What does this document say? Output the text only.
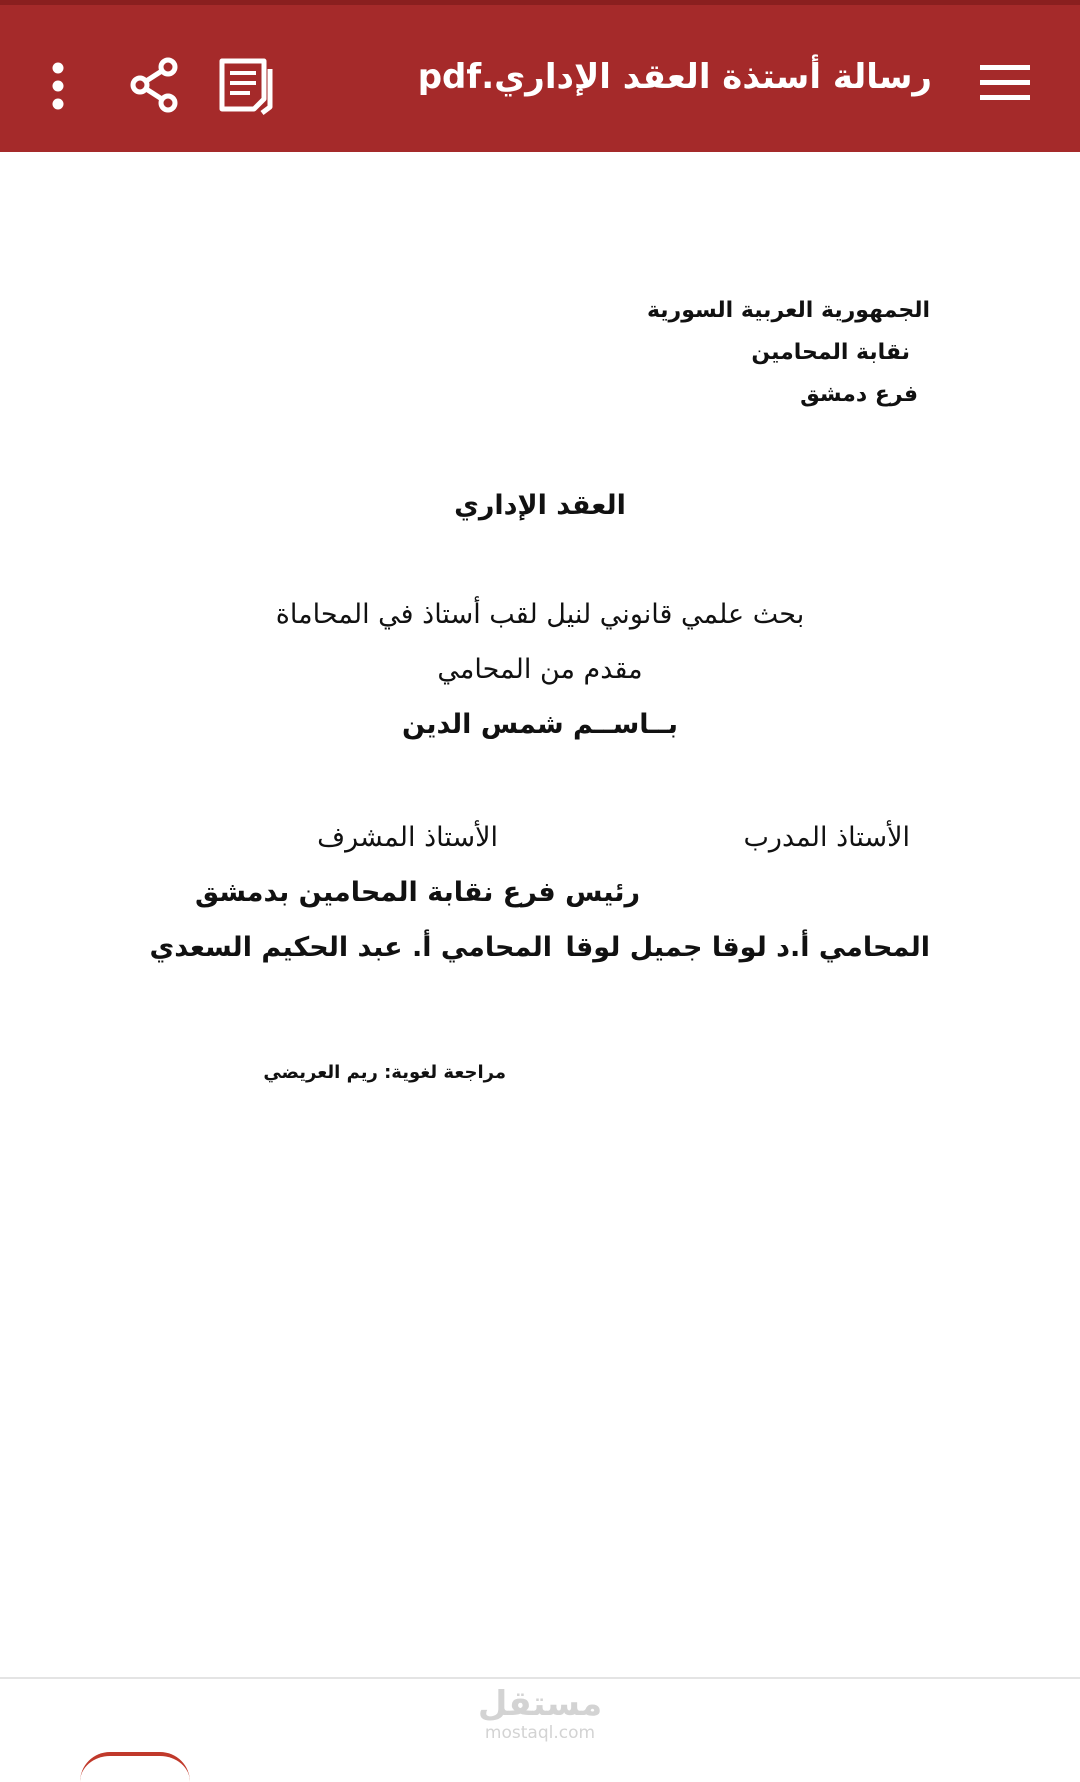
رسالة أستذة العقد الإداري.pdf
الجمهورية العربية السورية
نقابة المحامين
فرع دمشق
العقد الإداري
بحث علمي قانوني لنيل لقب أستاذ في المحاماة
مقدم من المحامي
بــاســم شمس الدين
الأستاذ المدرب
الأستاذ المشرف
رئيس فرع نقابة المحامين بدمشق
المحامي أ.د لوقا جميل لوقا
المحامي أ. عبد الحكيم السعدي
مراجعة لغوية: ريم العريضي
مستقل
mostaql.com
